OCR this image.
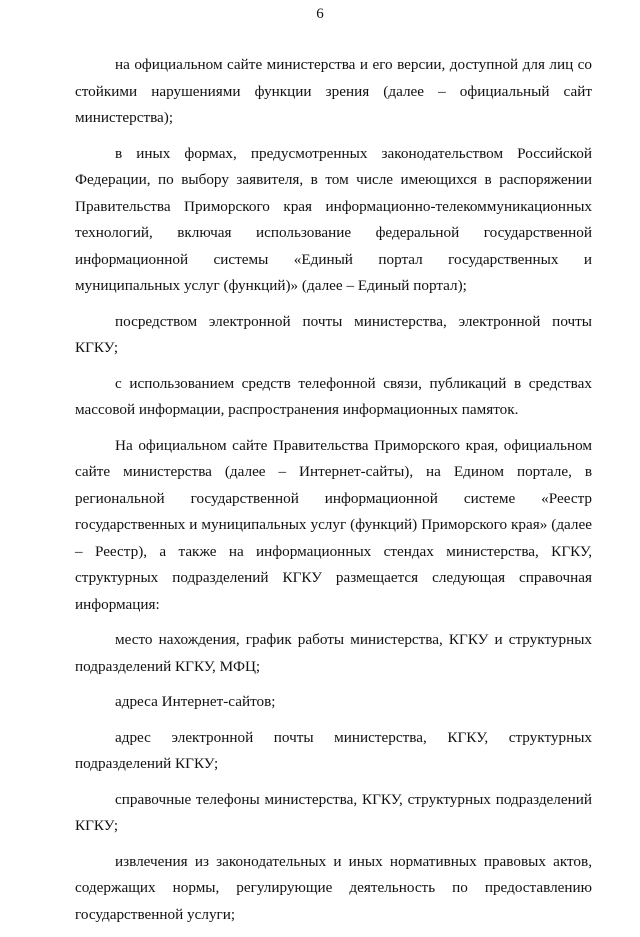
6

на официальном сайте министерства и его версии, доступной для лиц со стойкими нарушениями функции зрения (далее – официальный сайт министерства);

в иных формах, предусмотренных законодательством Российской Федерации, по выбору заявителя, в том числе имеющихся в распоряжении Правительства Приморского края информационно-телекоммуникационных технологий, включая использование федеральной государственной информационной системы «Единый портал государственных и муниципальных услуг (функций)» (далее – Единый портал);

посредством электронной почты министерства, электронной почты КГКУ;

с использованием средств телефонной связи, публикаций в средствах массовой информации, распространения информационных памяток.

На официальном сайте Правительства Приморского края, официальном сайте министерства (далее – Интернет-сайты), на Едином портале, в региональной государственной информационной системе «Реестр государственных и муниципальных услуг (функций) Приморского края» (далее – Реестр), а также на информационных стендах министерства, КГКУ, структурных подразделений КГКУ размещается следующая справочная информация:

место нахождения, график работы министерства, КГКУ и структурных подразделений КГКУ, МФЦ;

адреса Интернет-сайтов;

адрес электронной почты министерства, КГКУ, структурных подразделений КГКУ;

справочные телефоны министерства, КГКУ, структурных подразделений КГКУ;

извлечения из законодательных и иных нормативных правовых актов, содержащих нормы, регулирующие деятельность по предоставлению государственной услуги;
